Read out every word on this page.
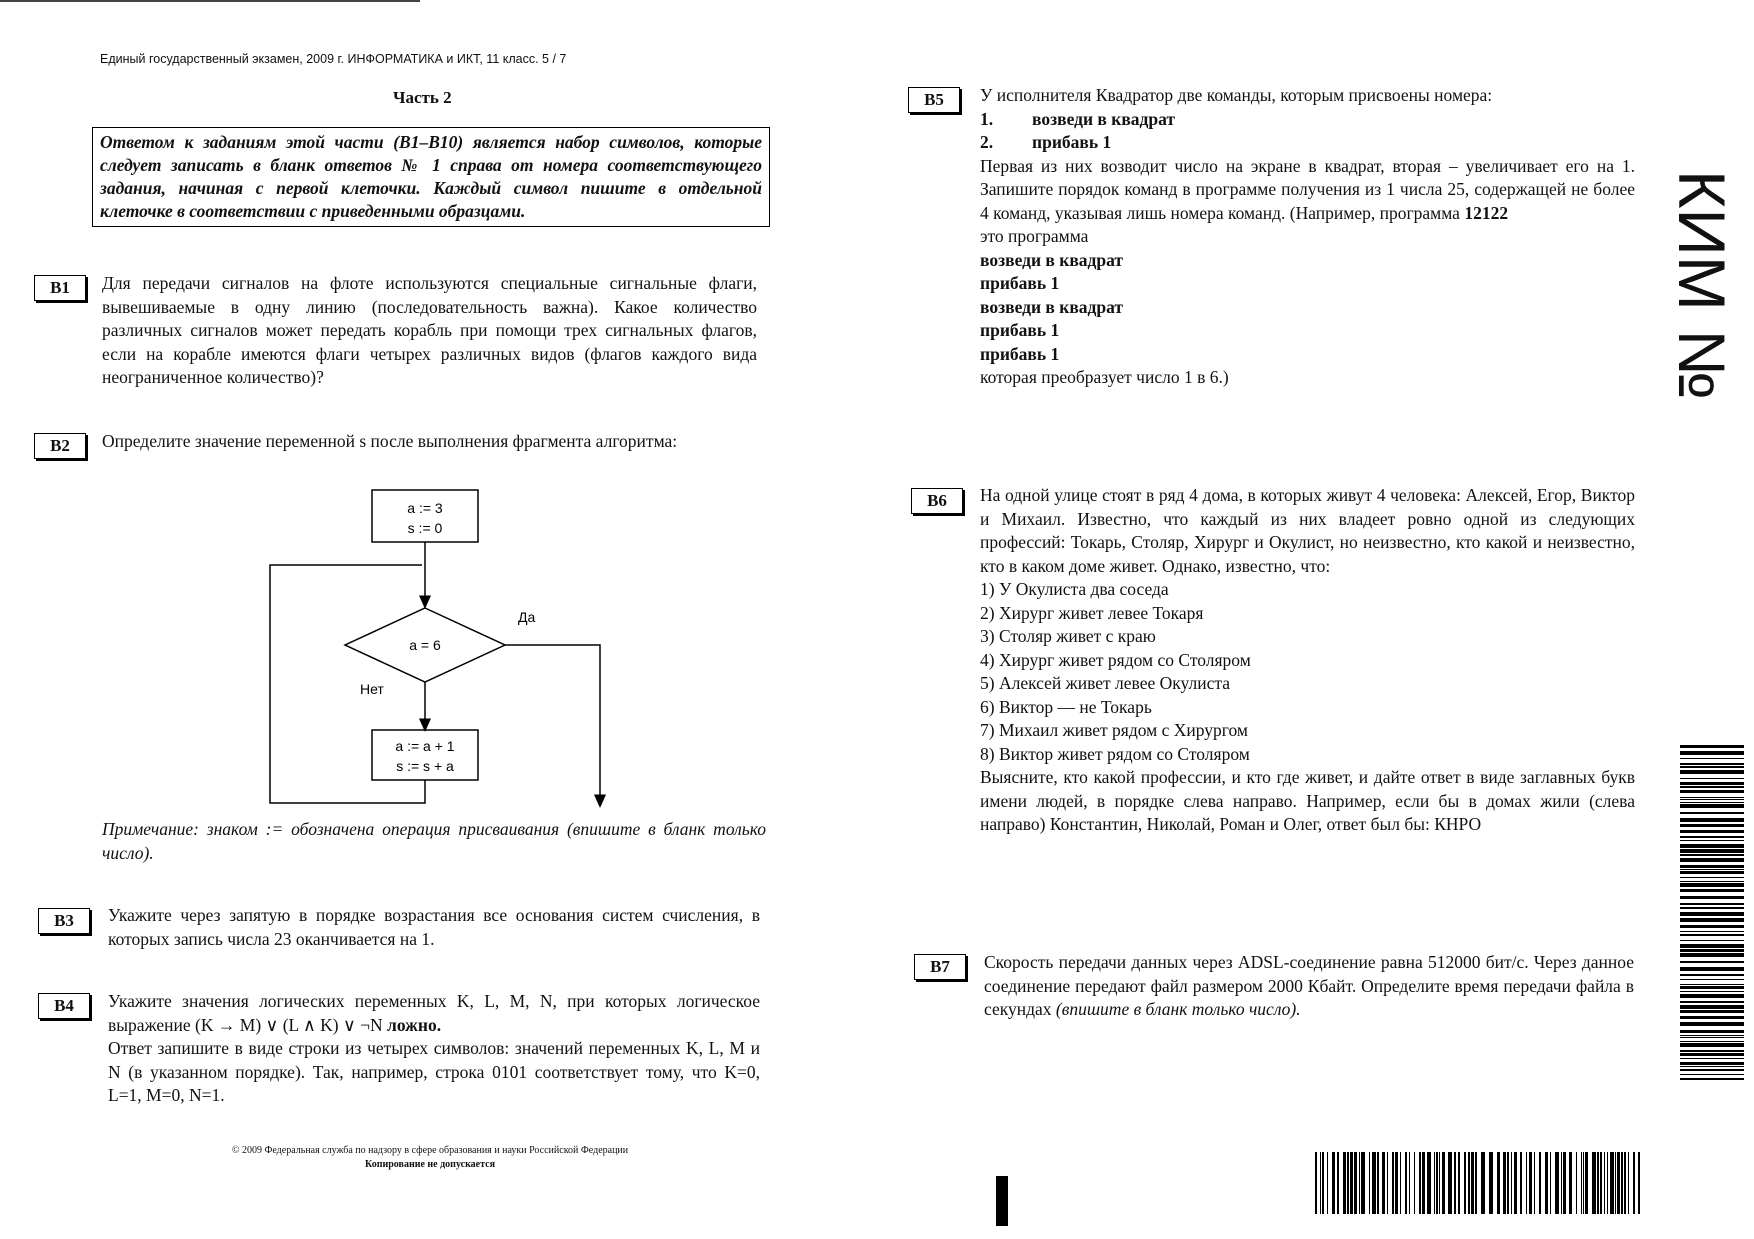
Единый государственный экзамен, 2009 г. ИНФОРМАТИКА и ИКТ, 11 класс. 5 / 7
Часть 2
Ответом к заданиям этой части (B1–B10) является набор символов, которые следует записать в бланк ответов № 1 справа от номера соответствующего задания, начиная с первой клеточки. Каждый символ пишите в отдельной клеточке в соответствии с приведенными образцами.
B1	Для передачи сигналов на флоте используются специальные сигнальные флаги, вывешиваемые в одну линию (последовательность важна). Какое количество различных сигналов может передать корабль при помощи трех сигнальных флагов, если на корабле имеются флаги четырех различных видов (флагов каждого вида неограниченное количество)?
B2	Определите значение переменной s после выполнения фрагмента алгоритма:
a := 3
s := 0
a = 6
Да
Нет
a := a + 1
s := s + a
Примечание: знаком := обозначена операция присваивания (впишите в бланк только число).
B3	Укажите через запятую в порядке возрастания все основания систем счисления, в которых запись числа 23 оканчивается на 1.
B4	Укажите значения логических переменных K, L, M, N, при которых логическое выражение (K → M) ∨ (L ∧ K) ∨ ¬N ложно.

Ответ запишите в виде строки из четырех символов: значений переменных K, L, M и N (в указанном порядке). Так, например, строка 0101 соответствует тому, что K=0, L=1, M=0, N=1.

© 2009 Федеральная служба по надзору в сфере образования и науки Российской Федерации
Копирование не допускается
B5	У исполнителя Квадратор две команды, которым присвоены номера:

1.	возведи в квадрат
2.	прибавь 1

Первая из них возводит число на экране в квадрат, вторая – увеличивает его на 1. Запишите порядок команд в программе получения из 1 числа 25, содержащей не более 4 команд, указывая лишь номера команд. (Например, программа 12122

это программа

возведи в квадрат

прибавь 1

возведи в квадрат

прибавь 1

прибавь 1

которая преобразует число 1 в 6.)

B6	На одной улице стоят в ряд 4 дома, в которых живут 4 человека: Алексей, Егор, Виктор и Михаил. Известно, что каждый из них владеет ровно одной из следующих профессий: Токарь, Столяр, Хирург и Окулист, но неизвестно, кто какой и неизвестно, кто в каком доме живет. Однако, известно, что:

1) У Окулиста два соседа

2) Хирург живет левее Токаря

3) Столяр живет с краю

4) Хирург живет рядом со Столяром

5) Алексей живет левее Окулиста

6) Виктор — не Токарь

7) Михаил живет рядом с Хирургом

8) Виктор живет рядом со Столяром

Выясните, кто какой профессии, и кто где живет, и дайте ответ в виде заглавных букв имени людей, в порядке слева направо. Например, если бы в домах жили (слева направо) Константин, Николай, Роман и Олег, ответ был бы: КНРО

B7	Скорость передачи данных через ADSL-соединение равна 512000 бит/с. Через данное соединение передают файл размером 2000 Кбайт. Определите время передачи файла в секундах (впишите в бланк только число).
КИМ №
